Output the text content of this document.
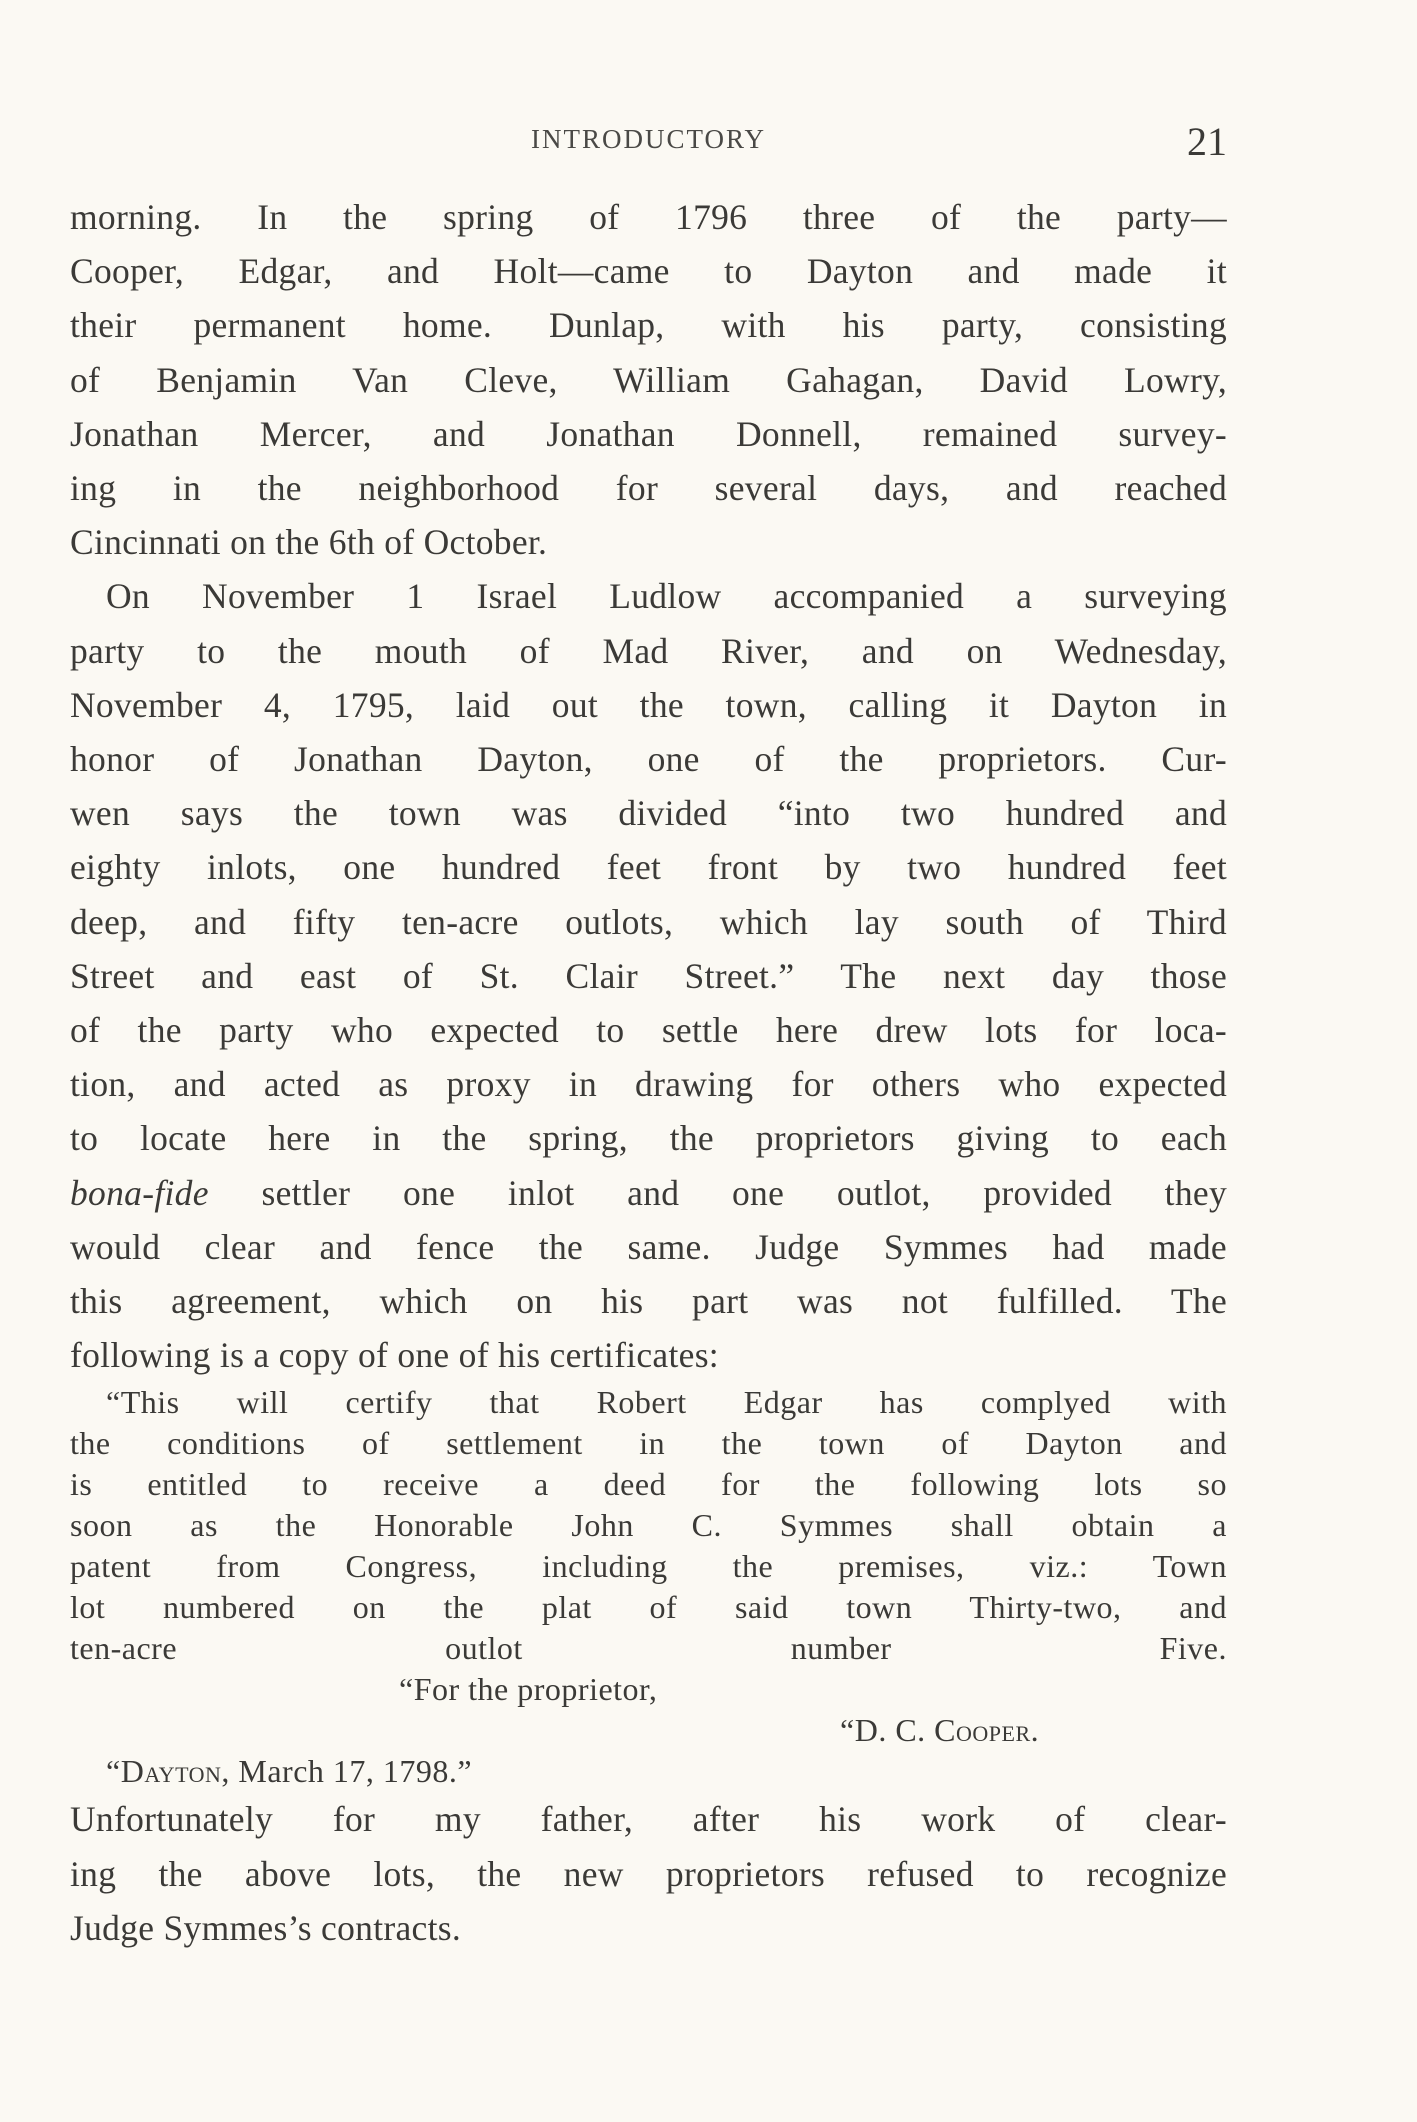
INTRODUCTORY	21

morning. In the spring of 1796 three of the party—
Cooper, Edgar, and Holt—came to Dayton and made it
their permanent home. Dunlap, with his party, consisting
of Benjamin Van Cleve, William Gahagan, David Lowry,
Jonathan Mercer, and Jonathan Donnell, remained survey-
ing in the neighborhood for several days, and reached
Cincinnati on the 6th of October.

On November 1 Israel Ludlow accompanied a surveying
party to the mouth of Mad River, and on Wednesday,
November 4, 1795, laid out the town, calling it Dayton in
honor of Jonathan Dayton, one of the proprietors. Cur-
wen says the town was divided “into two hundred and
eighty inlots, one hundred feet front by two hundred feet
deep, and fifty ten-acre outlots, which lay south of Third
Street and east of St. Clair Street.” The next day those
of the party who expected to settle here drew lots for loca-
tion, and acted as proxy in drawing for others who expected
to locate here in the spring, the proprietors giving to each
bona-fide settler one inlot and one outlot, provided they
would clear and fence the same. Judge Symmes had made
this agreement, which on his part was not fulfilled. The
following is a copy of one of his certificates:

“This will certify that Robert Edgar has complyed with
the conditions of settlement in the town of Dayton and
is entitled to receive a deed for the following lots so
soon as the Honorable John C. Symmes shall obtain a
patent from Congress, including the premises, viz.: Town
lot numbered on the plat of said town Thirty-two, and
ten-acre outlot number Five.
“For the proprietor,
“D. C. Cooper.
“Dayton, March 17, 1798.”

Unfortunately for my father, after his work of clear-
ing the above lots, the new proprietors refused to recognize
Judge Symmes’s contracts.
